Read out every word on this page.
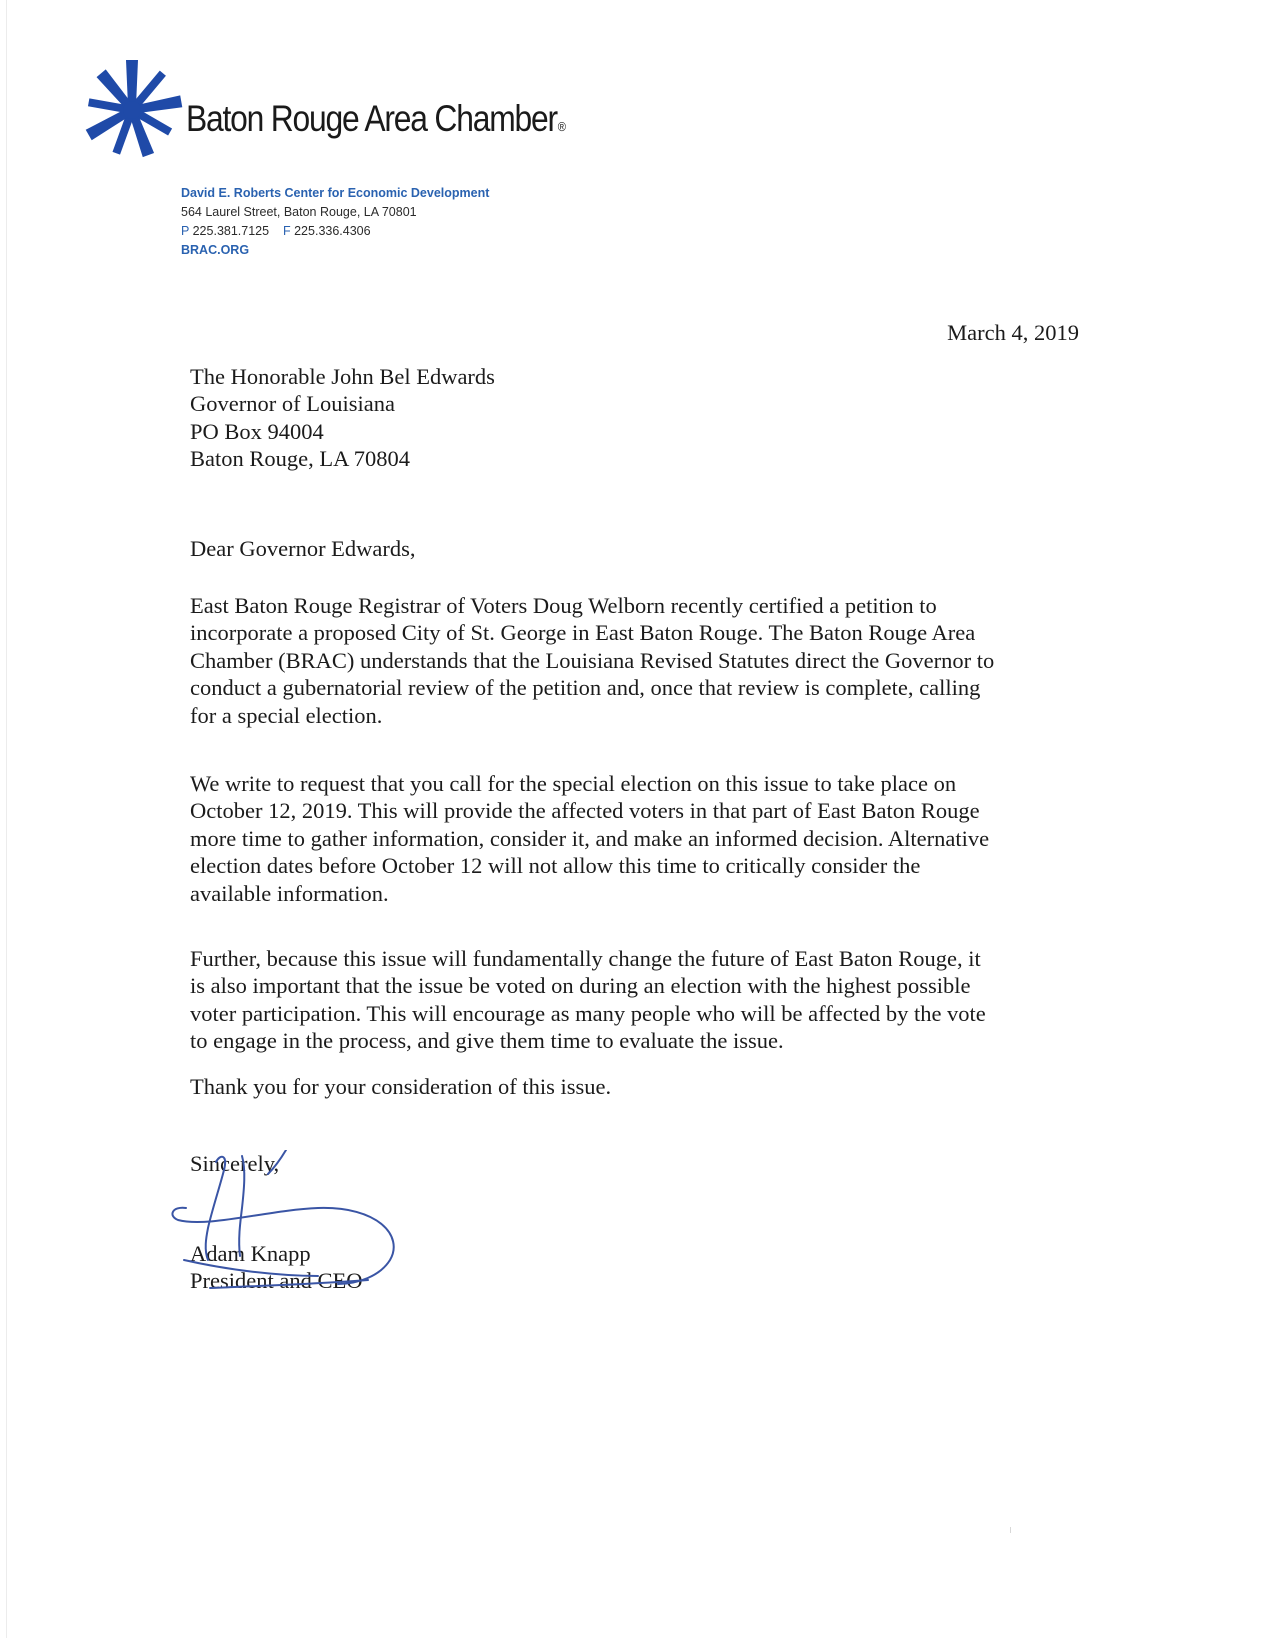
Baton Rouge Area Chamber®
David E. Roberts Center for Economic Development
564 Laurel Street, Baton Rouge, LA 70801
P 225.381.7125 F 225.336.4306
BRAC.ORG
March 4, 2019
The Honorable John Bel Edwards
Governor of Louisiana
PO Box 94004
Baton Rouge, LA 70804
Dear Governor Edwards,
East Baton Rouge Registrar of Voters Doug Welborn recently certified a petition to
incorporate a proposed City of St. George in East Baton Rouge. The Baton Rouge Area
Chamber (BRAC) understands that the Louisiana Revised Statutes direct the Governor to
conduct a gubernatorial review of the petition and, once that review is complete, calling
for a special election.
We write to request that you call for the special election on this issue to take place on
October 12, 2019. This will provide the affected voters in that part of East Baton Rouge
more time to gather information, consider it, and make an informed decision. Alternative
election dates before October 12 will not allow this time to critically consider the
available information.
Further, because this issue will fundamentally change the future of East Baton Rouge, it
is also important that the issue be voted on during an election with the highest possible
voter participation. This will encourage as many people who will be affected by the vote
to engage in the process, and give them time to evaluate the issue.
Thank you for your consideration of this issue.
Sincerely,
Adam Knapp
President and CEO
